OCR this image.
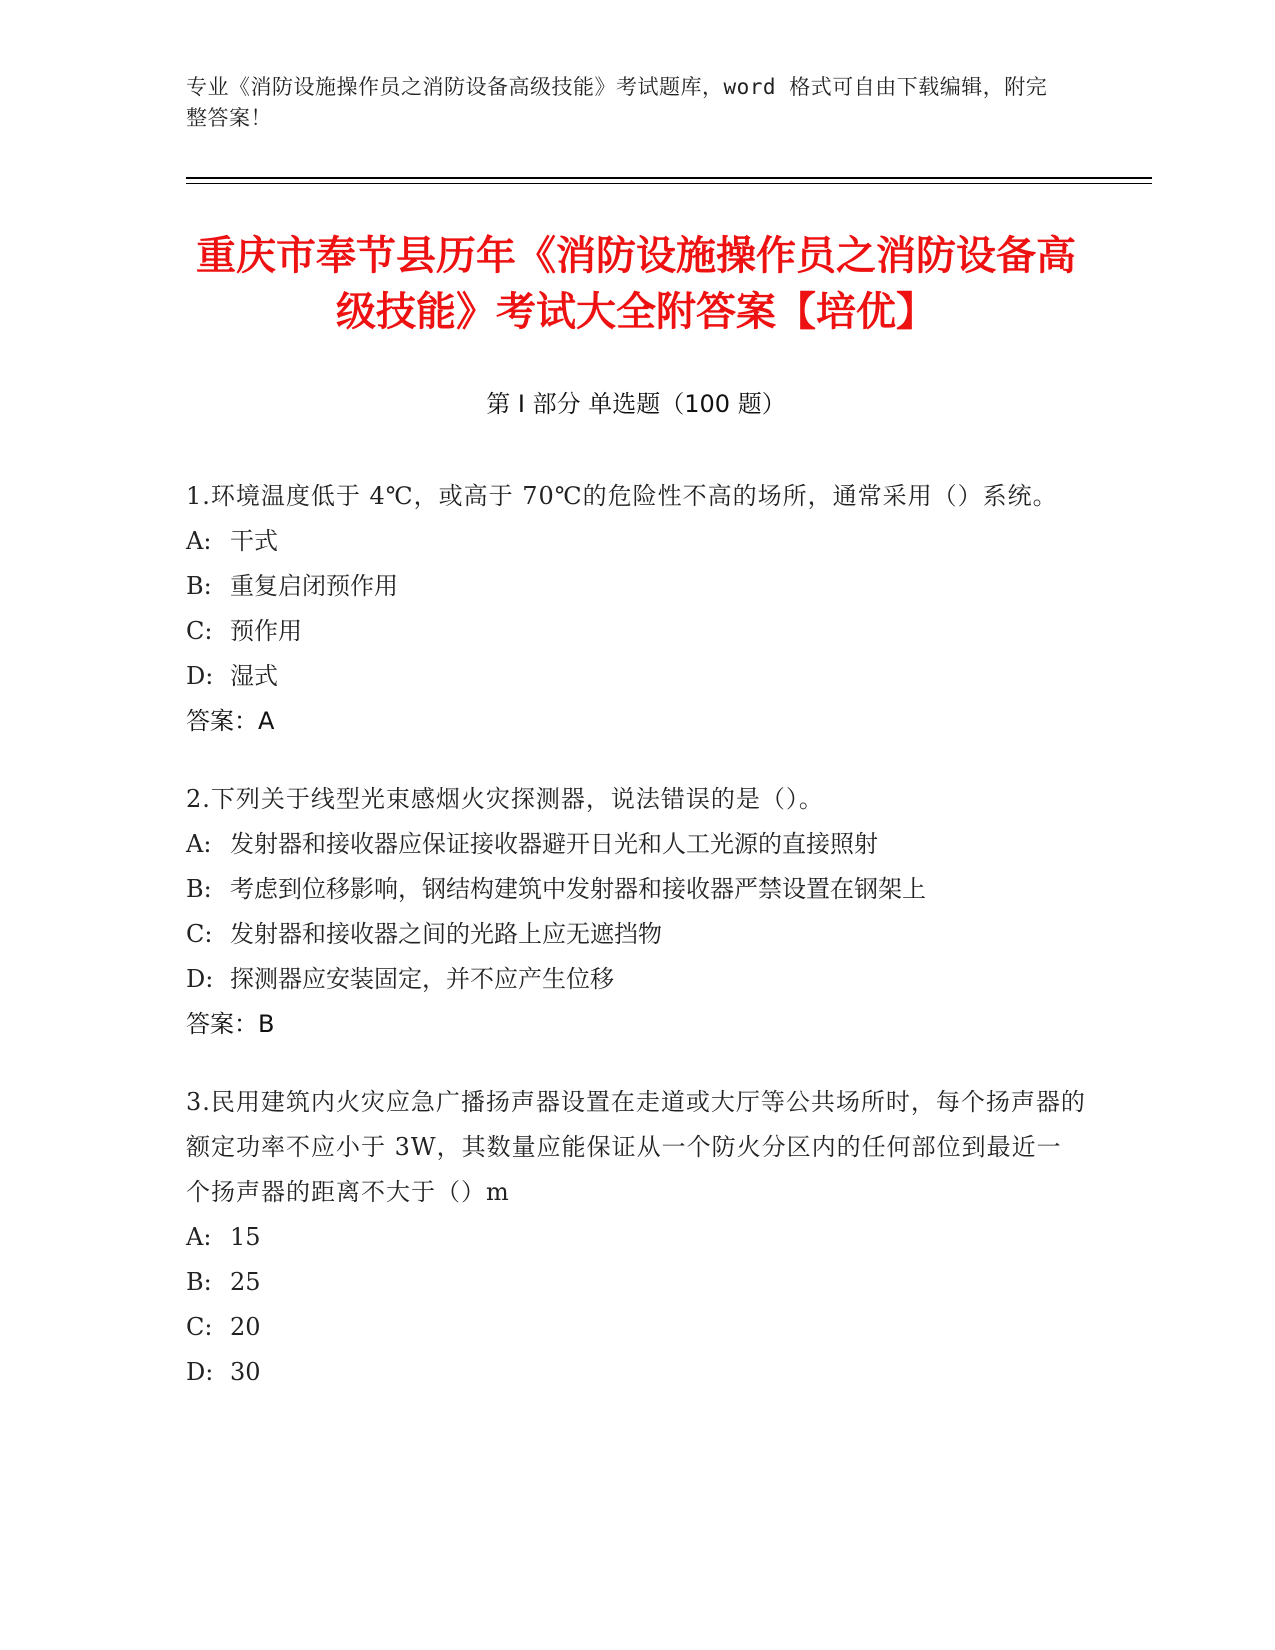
专业《消防设施操作员之消防设备高级技能》考试题库，word 格式可自由下载编辑，附完整答案！
重庆市奉节县历年《消防设施操作员之消防设备高级技能》考试大全附答案【培优】
第 I 部分 单选题（100 题）
1.环境温度低于 4℃，或高于 70℃的危险性不高的场所，通常采用（）系统。
A: 干式
B: 重复启闭预作用
C: 预作用
D: 湿式
答案：A
2.下列关于线型光束感烟火灾探测器，说法错误的是（）。
A: 发射器和接收器应保证接收器避开日光和人工光源的直接照射
B: 考虑到位移影响，钢结构建筑中发射器和接收器严禁设置在钢架上
C: 发射器和接收器之间的光路上应无遮挡物
D: 探测器应安装固定，并不应产生位移
答案：B
3.民用建筑内火灾应急广播扬声器设置在走道或大厅等公共场所时，每个扬声器的额定功率不应小于 3W，其数量应能保证从一个防火分区内的任何部位到最近一个扬声器的距离不大于（）m
A: 15
B: 25
C: 20
D: 30
